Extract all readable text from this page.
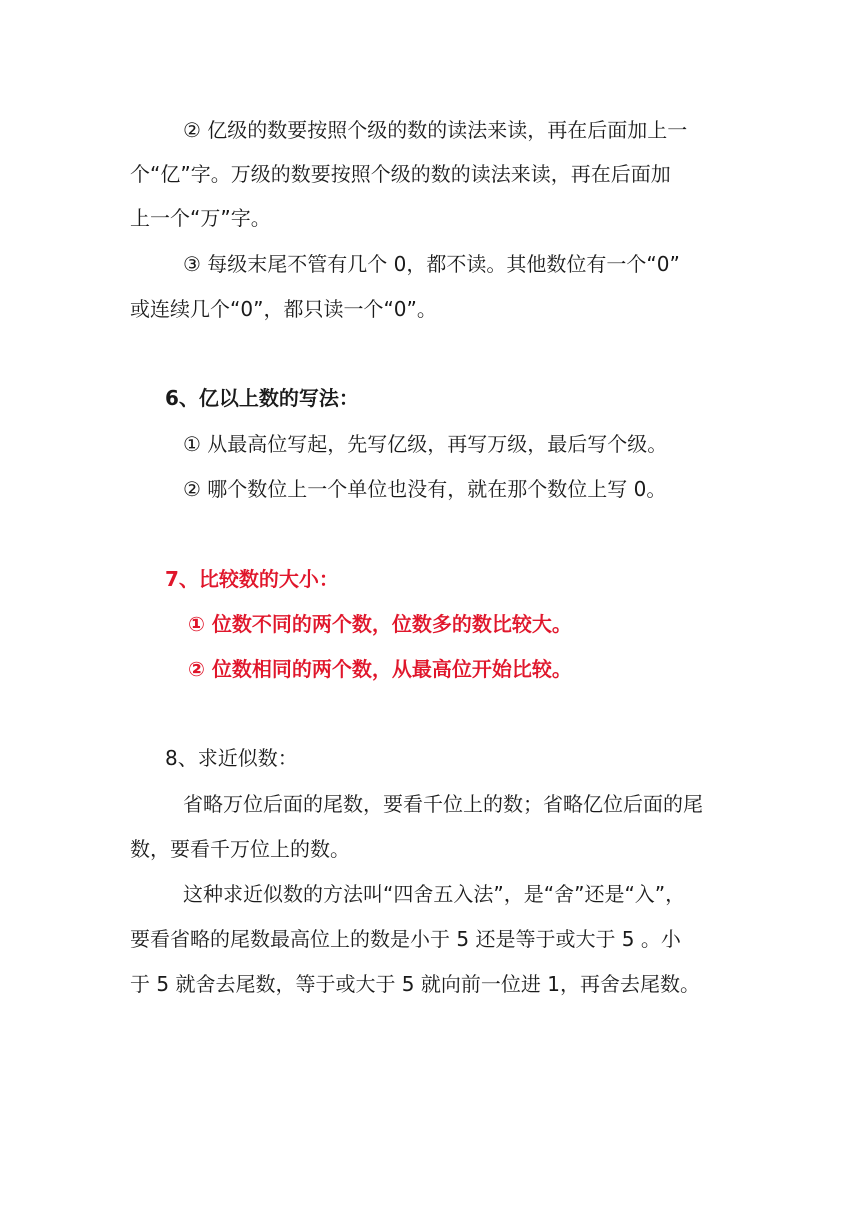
② 亿级的数要按照个级的数的读法来读，再在后面加上一
个“亿”字。万级的数要按照个级的数的读法来读，再在后面加
上一个“万”字。
③ 每级末尾不管有几个 0，都不读。其他数位有一个“0”
或连续几个“0”，都只读一个“0”。
6、亿以上数的写法：
① 从最高位写起，先写亿级，再写万级，最后写个级。
② 哪个数位上一个单位也没有，就在那个数位上写 0。
7、比较数的大小：
① 位数不同的两个数，位数多的数比较大。
② 位数相同的两个数，从最高位开始比较。
8、求近似数：
省略万位后面的尾数，要看千位上的数；省略亿位后面的尾
数，要看千万位上的数。
这种求近似数的方法叫“四舍五入法”，是“舍”还是“入”，
要看省略的尾数最高位上的数是小于 5 还是等于或大于 5 。小
于 5 就舍去尾数，等于或大于 5 就向前一位进 1，再舍去尾数。
